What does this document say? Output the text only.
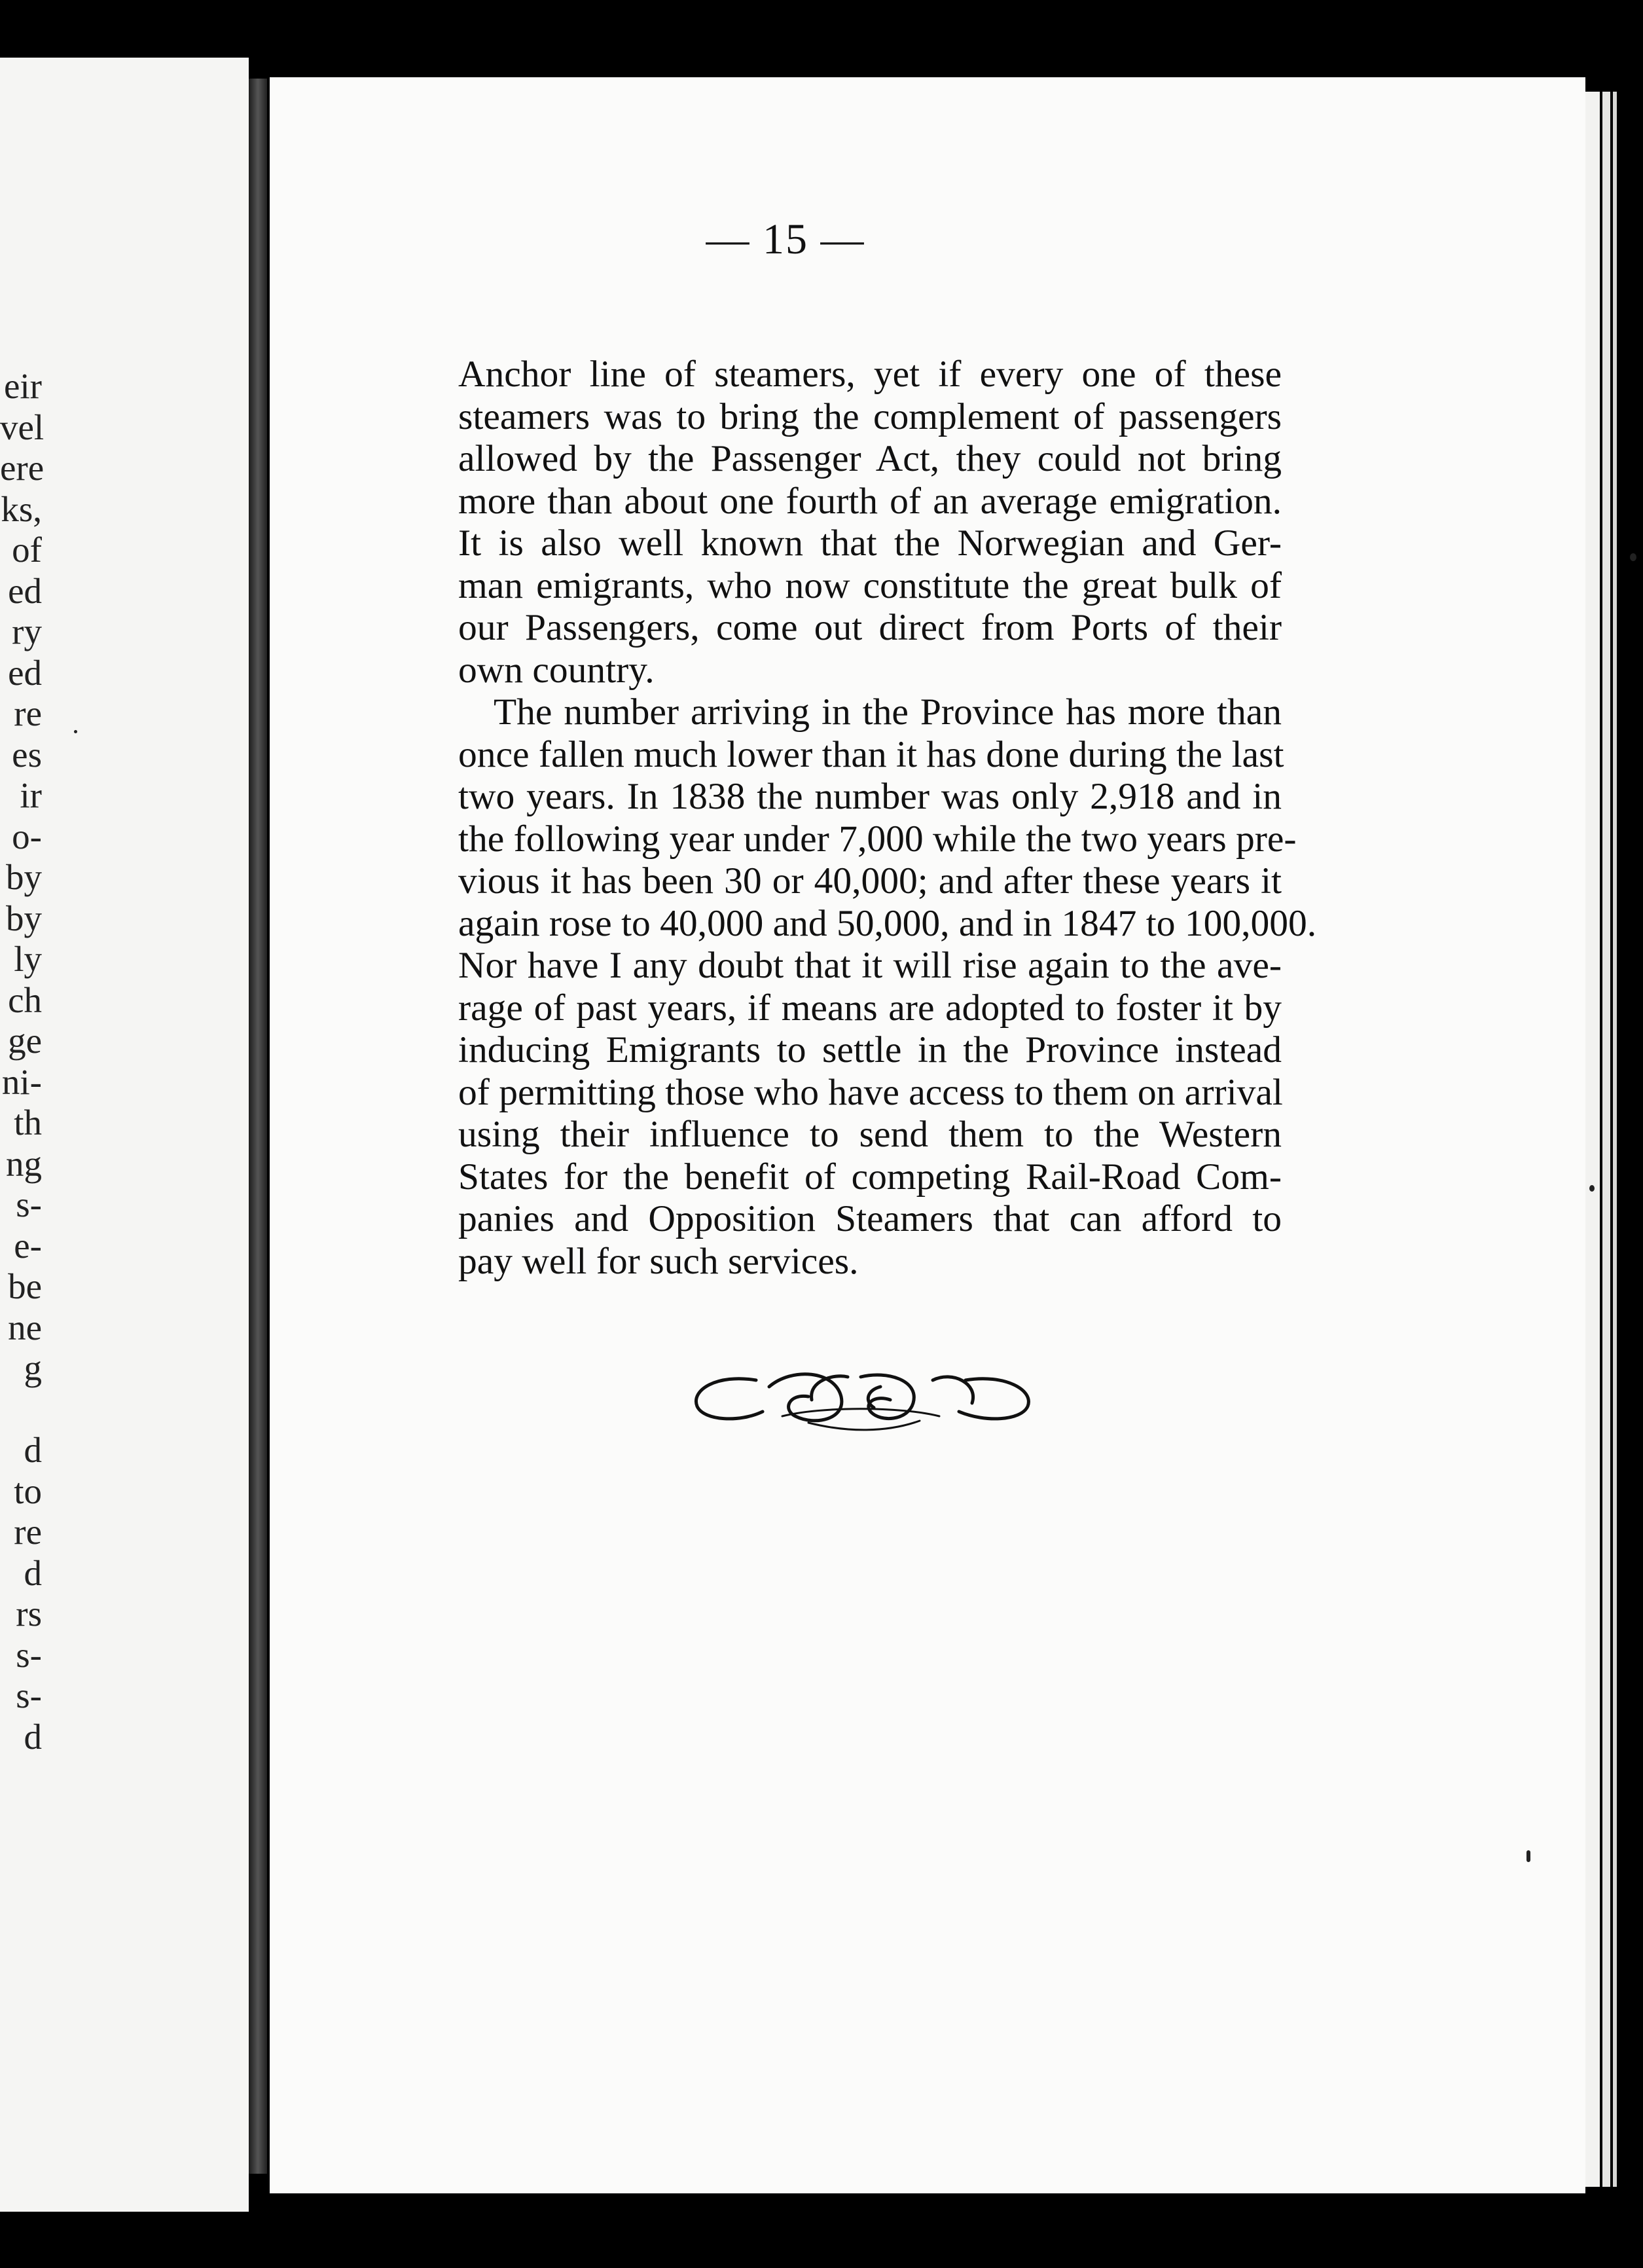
eir
vel
ere
ks,
of
ed
ry
ed
re
es
ir
o-
by
by
ly
ch
ge
ni-
th
ng
s-
e-
be
ne
g
d
to
re
d
rs
s-
s-
d
— 15 —
Anchor line of steamers, yet if every one of these
steamers was to bring the complement of passengers
allowed by the Passenger Act, they could not bring
more than about one fourth of an average emigration.
It is also well known that the Norwegian and Ger-
man emigrants, who now constitute the great bulk of
our Passengers, come out direct from Ports of their
own country.
The number arriving in the Province has more than
once fallen much lower than it has done during the last
two years. In 1838 the number was only 2,918 and in
the following year under 7,000 while the two years pre-
vious it has been 30 or 40,000; and after these years it
again rose to 40,000 and 50,000, and in 1847 to 100,000.
Nor have I any doubt that it will rise again to the ave-
rage of past years, if means are adopted to foster it by
inducing Emigrants to settle in the Province instead
of permitting those who have access to them on arrival
using their influence to send them to the Western
States for the benefit of competing Rail-Road Com-
panies and Opposition Steamers that can afford to
pay well for such services.
